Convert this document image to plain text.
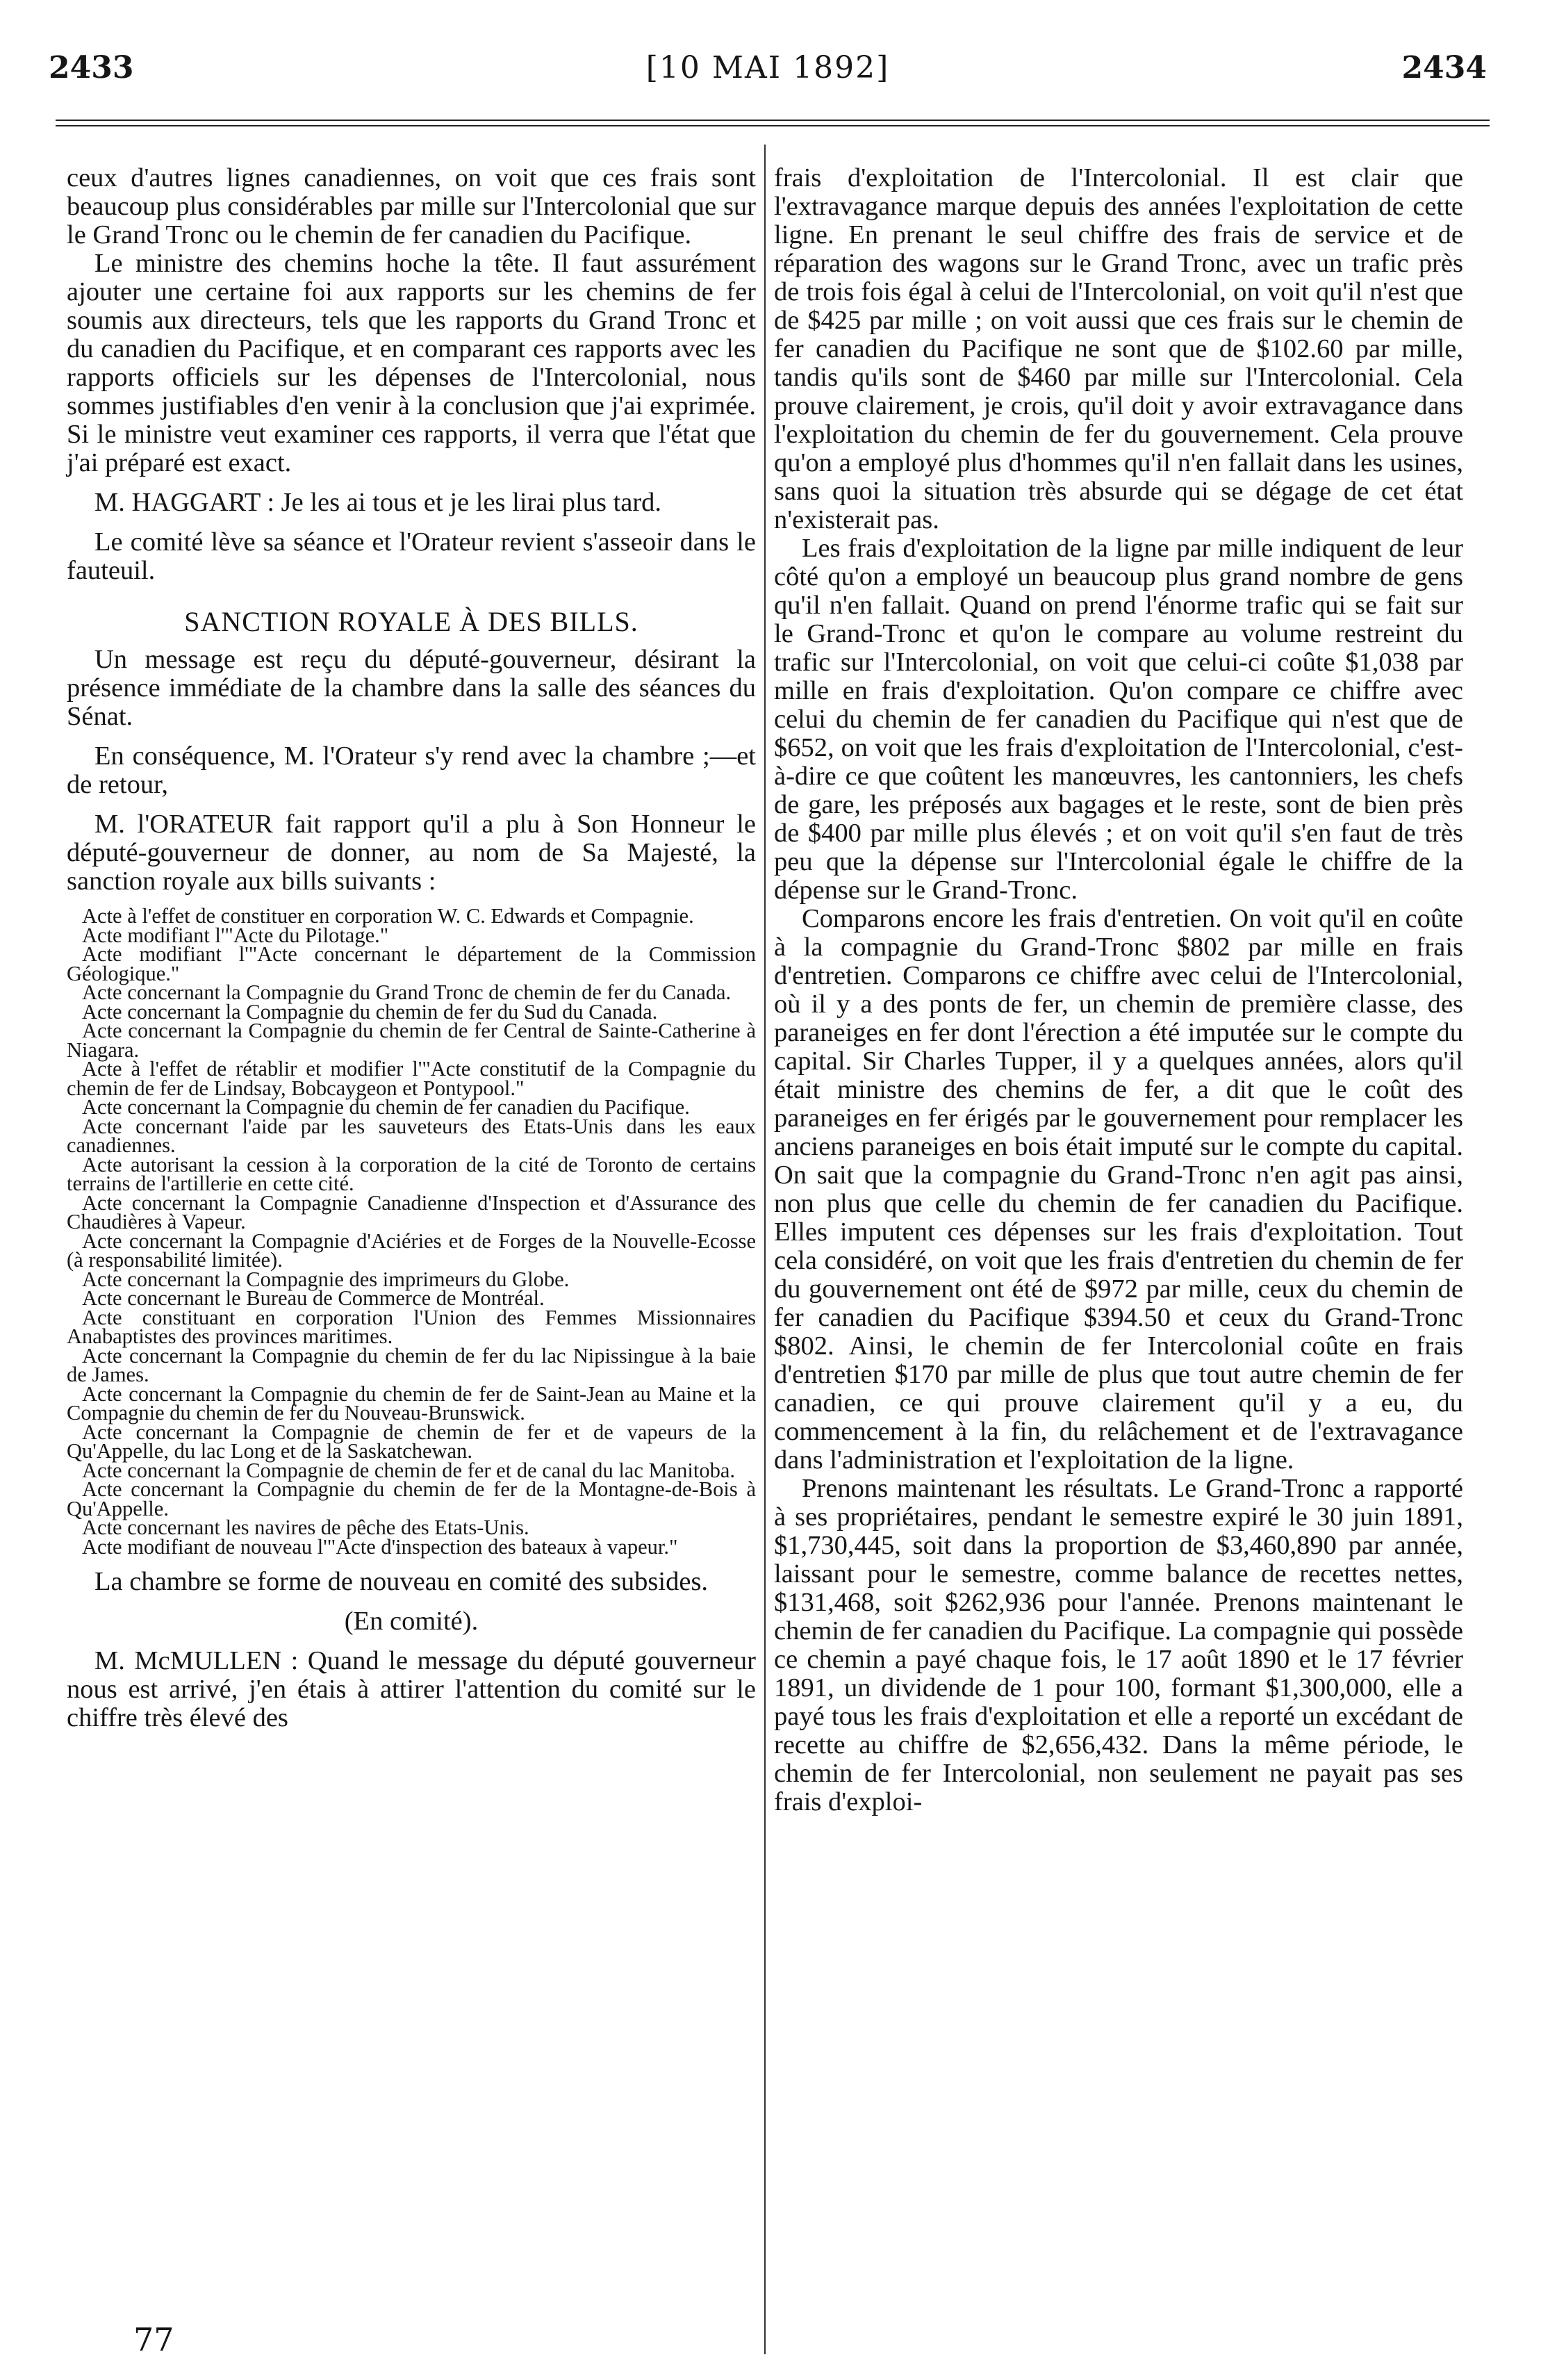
2433	[10 MAI 1892]	2434

ceux d'autres lignes canadiennes, on voit que ces frais sont beaucoup plus considérables par mille sur l'Intercolonial que sur le Grand Tronc ou le chemin de fer canadien du Pacifique.

Le ministre des chemins hoche la tête. Il faut assurément ajouter une certaine foi aux rapports sur les chemins de fer soumis aux directeurs, tels que les rapports du Grand Tronc et du canadien du Pacifique, et en comparant ces rapports avec les rapports officiels sur les dépenses de l'Intercolonial, nous sommes justifiables d'en venir à la conclusion que j'ai exprimée. Si le ministre veut examiner ces rapports, il verra que l'état que j'ai préparé est exact.

M. HAGGART : Je les ai tous et je les lirai plus tard.

Le comité lève sa séance et l'Orateur revient s'asseoir dans le fauteuil.

SANCTION ROYALE À DES BILLS.

Un message est reçu du député-gouverneur, désirant la présence immédiate de la chambre dans la salle des séances du Sénat.

En conséquence, M. l'Orateur s'y rend avec la chambre ;—et de retour,

M. l'ORATEUR fait rapport qu'il a plu à Son Honneur le député-gouverneur de donner, au nom de Sa Majesté, la sanction royale aux bills suivants :

Acte à l'effet de constituer en corporation W. C. Edwards et Compagnie.
Acte modifiant l'"Acte du Pilotage."
Acte modifiant l'"Acte concernant le département de la Commission Géologique."
Acte concernant la Compagnie du Grand Tronc de chemin de fer du Canada.
Acte concernant la Compagnie du chemin de fer du Sud du Canada.
Acte concernant la Compagnie du chemin de fer Central de Sainte-Catherine à Niagara.
Acte à l'effet de rétablir et modifier l'"Acte constitutif de la Compagnie du chemin de fer de Lindsay, Bobcaygeon et Pontypool."
Acte concernant la Compagnie du chemin de fer canadien du Pacifique.
Acte concernant l'aide par les sauveteurs des Etats-Unis dans les eaux canadiennes.
Acte autorisant la cession à la corporation de la cité de Toronto de certains terrains de l'artillerie en cette cité.
Acte concernant la Compagnie Canadienne d'Inspection et d'Assurance des Chaudières à Vapeur.
Acte concernant la Compagnie d'Aciéries et de Forges de la Nouvelle-Ecosse (à responsabilité limitée).
Acte concernant la Compagnie des imprimeurs du Globe.
Acte concernant le Bureau de Commerce de Montréal.
Acte constituant en corporation l'Union des Femmes Missionnaires Anabaptistes des provinces maritimes.
Acte concernant la Compagnie du chemin de fer du lac Nipissingue à la baie de James.
Acte concernant la Compagnie du chemin de fer de Saint-Jean au Maine et la Compagnie du chemin de fer du Nouveau-Brunswick.
Acte concernant la Compagnie de chemin de fer et de vapeurs de la Qu'Appelle, du lac Long et de la Saskatchewan.
Acte concernant la Compagnie de chemin de fer et de canal du lac Manitoba.
Acte concernant la Compagnie du chemin de fer de la Montagne-de-Bois à Qu'Appelle.
Acte concernant les navires de pêche des Etats-Unis.
Acte modifiant de nouveau l'"Acte d'inspection des bateaux à vapeur."

La chambre se forme de nouveau en comité des subsides.

(En comité).

M. McMULLEN : Quand le message du député gouverneur nous est arrivé, j'en étais à attirer l'attention du comité sur le chiffre très élevé des

frais d'exploitation de l'Intercolonial. Il est clair que l'extravagance marque depuis des années l'exploitation de cette ligne. En prenant le seul chiffre des frais de service et de réparation des wagons sur le Grand Tronc, avec un trafic près de trois fois égal à celui de l'Intercolonial, on voit qu'il n'est que de $425 par mille ; on voit aussi que ces frais sur le chemin de fer canadien du Pacifique ne sont que de $102.60 par mille, tandis qu'ils sont de $460 par mille sur l'Intercolonial. Cela prouve clairement, je crois, qu'il doit y avoir extravagance dans l'exploitation du chemin de fer du gouvernement. Cela prouve qu'on a employé plus d'hommes qu'il n'en fallait dans les usines, sans quoi la situation très absurde qui se dégage de cet état n'existerait pas.

Les frais d'exploitation de la ligne par mille indiquent de leur côté qu'on a employé un beaucoup plus grand nombre de gens qu'il n'en fallait. Quand on prend l'énorme trafic qui se fait sur le Grand-Tronc et qu'on le compare au volume restreint du trafic sur l'Intercolonial, on voit que celui-ci coûte $1,038 par mille en frais d'exploitation. Qu'on compare ce chiffre avec celui du chemin de fer canadien du Pacifique qui n'est que de $652, on voit que les frais d'exploitation de l'Intercolonial, c'est-à-dire ce que coûtent les manœuvres, les cantonniers, les chefs de gare, les préposés aux bagages et le reste, sont de bien près de $400 par mille plus élevés ; et on voit qu'il s'en faut de très peu que la dépense sur l'Intercolonial égale le chiffre de la dépense sur le Grand-Tronc.

Comparons encore les frais d'entretien. On voit qu'il en coûte à la compagnie du Grand-Tronc $802 par mille en frais d'entretien. Comparons ce chiffre avec celui de l'Intercolonial, où il y a des ponts de fer, un chemin de première classe, des paraneiges en fer dont l'érection a été imputée sur le compte du capital. Sir Charles Tupper, il y a quelques années, alors qu'il était ministre des chemins de fer, a dit que le coût des paraneiges en fer érigés par le gouvernement pour remplacer les anciens paraneiges en bois était imputé sur le compte du capital. On sait que la compagnie du Grand-Tronc n'en agit pas ainsi, non plus que celle du chemin de fer canadien du Pacifique. Elles imputent ces dépenses sur les frais d'exploitation. Tout cela considéré, on voit que les frais d'entretien du chemin de fer du gouvernement ont été de $972 par mille, ceux du chemin de fer canadien du Pacifique $394.50 et ceux du Grand-Tronc $802. Ainsi, le chemin de fer Intercolonial coûte en frais d'entretien $170 par mille de plus que tout autre chemin de fer canadien, ce qui prouve clairement qu'il y a eu, du commencement à la fin, du relâchement et de l'extravagance dans l'administration et l'exploitation de la ligne.

Prenons maintenant les résultats. Le Grand-Tronc a rapporté à ses propriétaires, pendant le semestre expiré le 30 juin 1891, $1,730,445, soit dans la proportion de $3,460,890 par année, laissant pour le semestre, comme balance de recettes nettes, $131,468, soit $262,936 pour l'année. Prenons maintenant le chemin de fer canadien du Pacifique. La compagnie qui possède ce chemin a payé chaque fois, le 17 août 1890 et le 17 février 1891, un dividende de 1 pour 100, formant $1,300,000, elle a payé tous les frais d'exploitation et elle a reporté un excédant de recette au chiffre de $2,656,432. Dans la même période, le chemin de fer Intercolonial, non seulement ne payait pas ses frais d'exploi-

77
